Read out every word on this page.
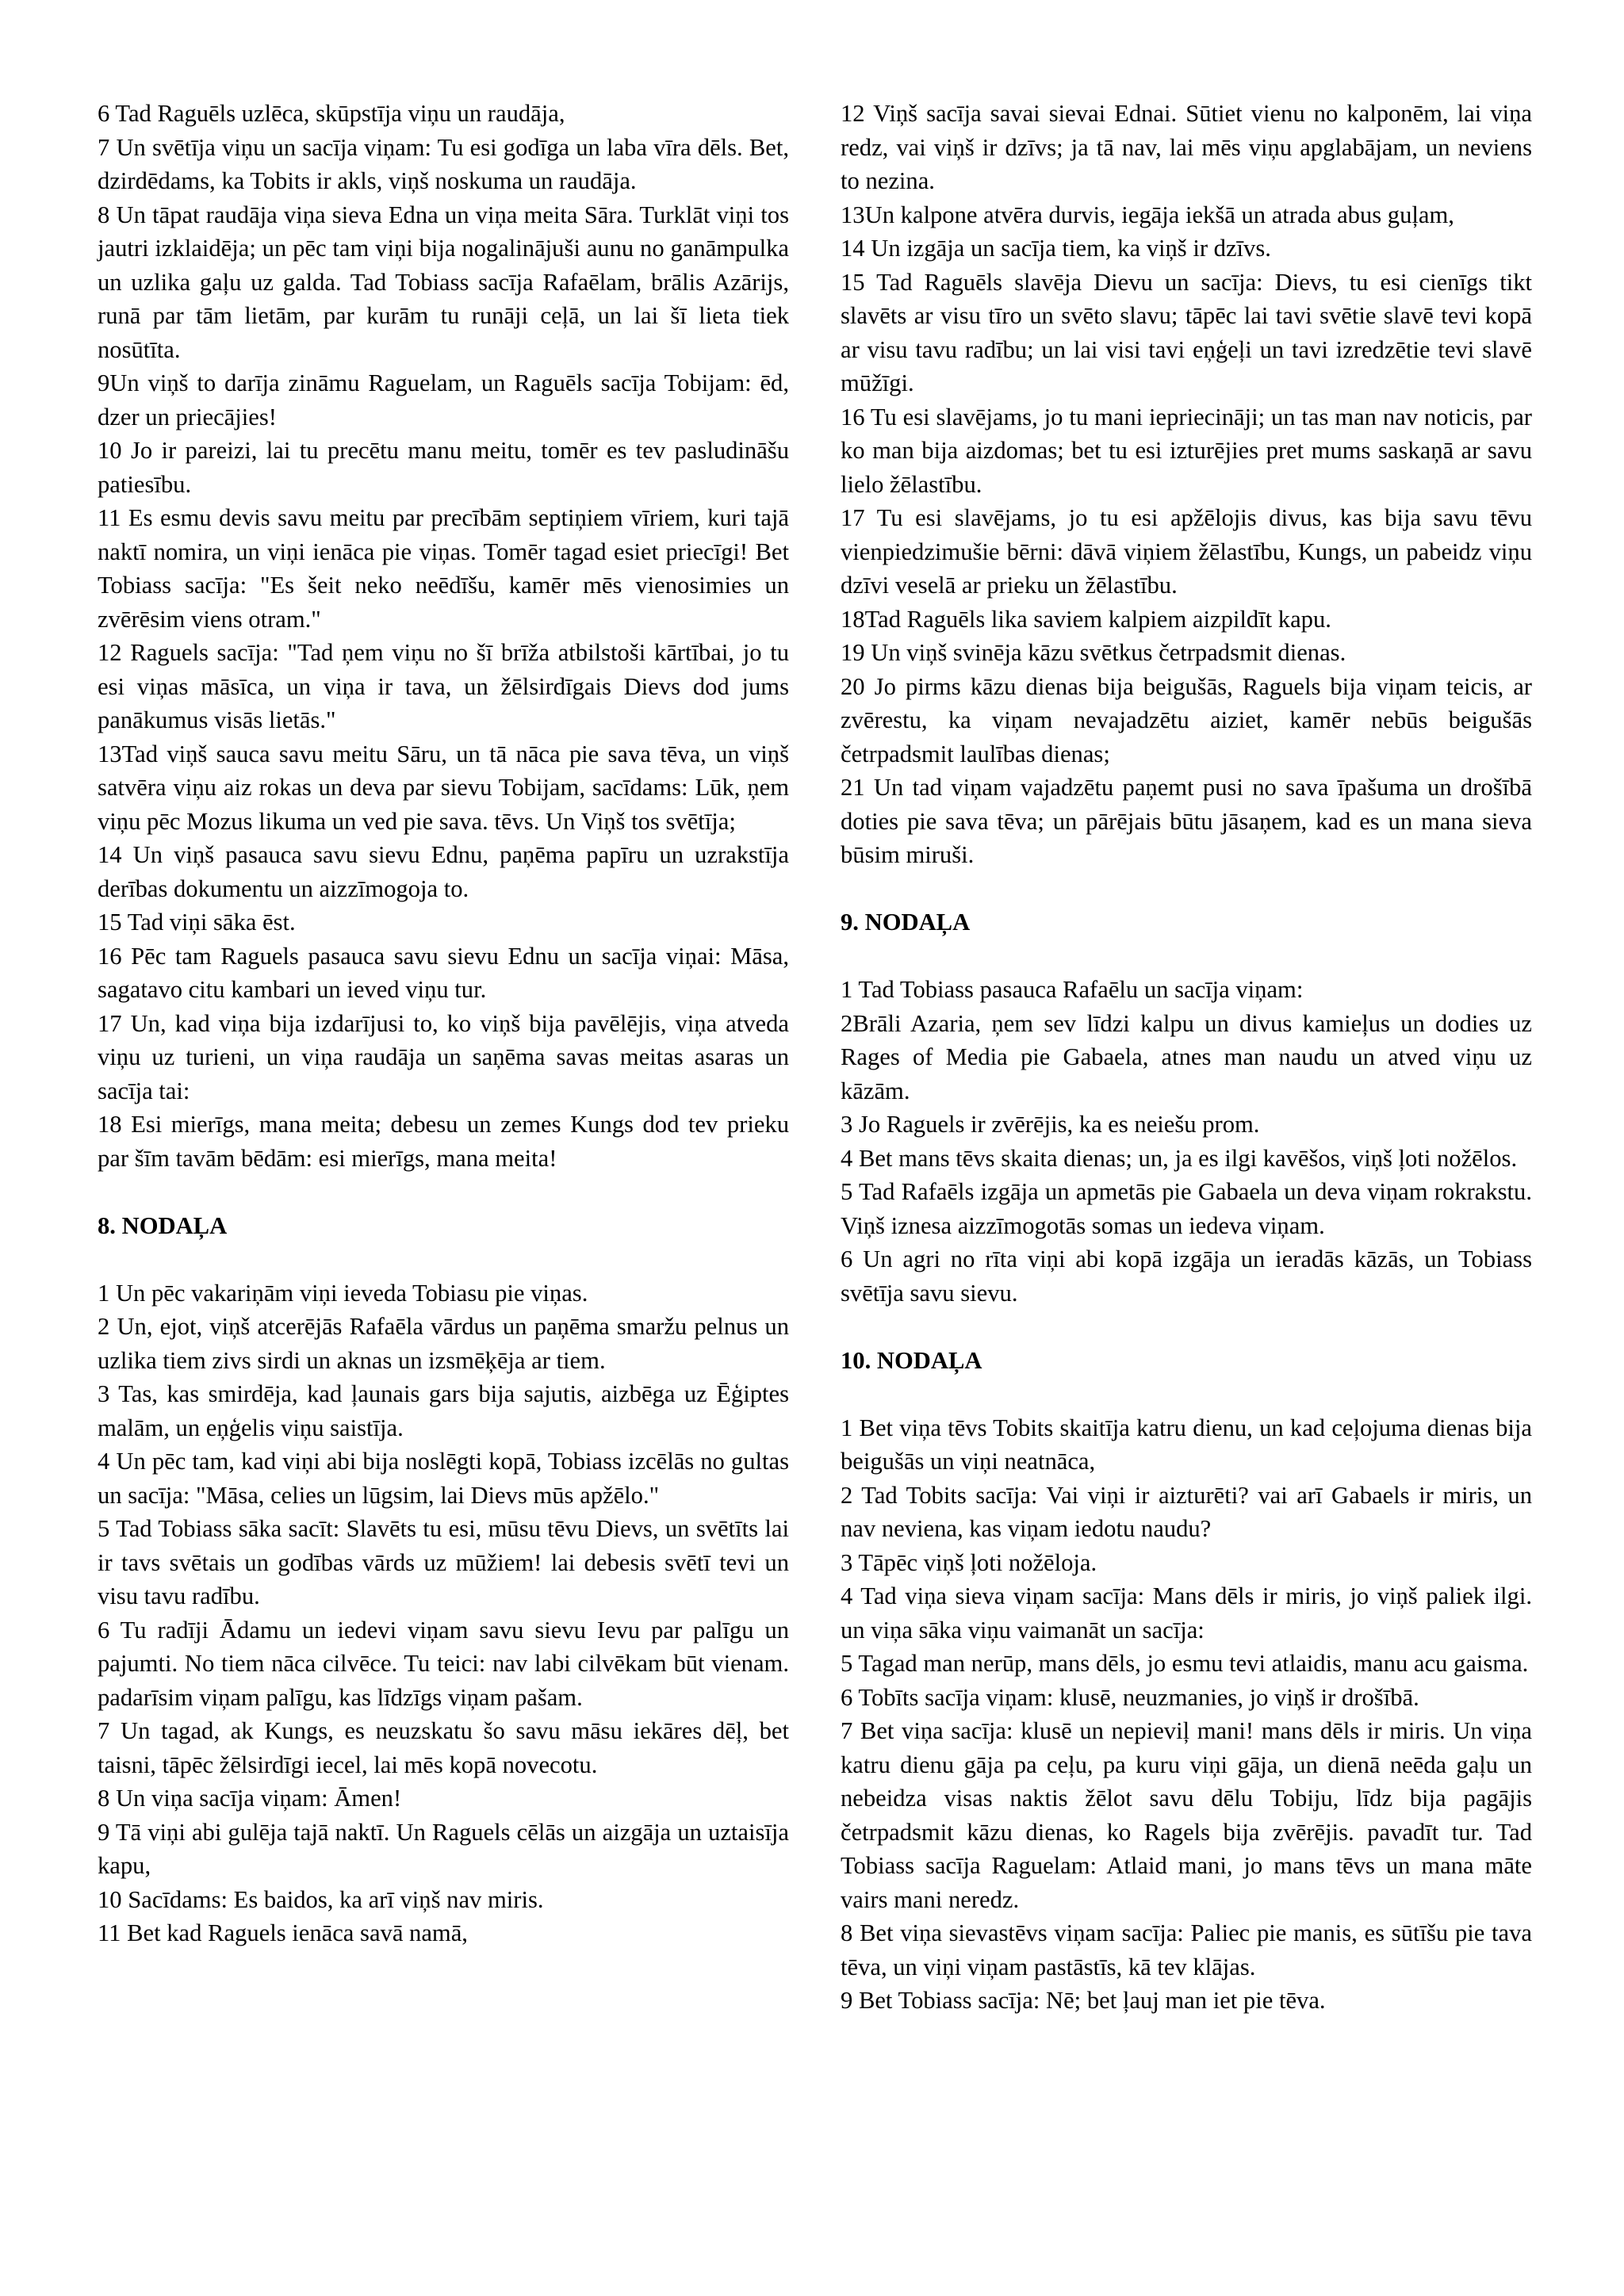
6 Tad Raguēls uzlēca, skūpstīja viņu un raudāja,

7 Un svētīja viņu un sacīja viņam: Tu esi godīga un laba vīra dēls. Bet, dzirdēdams, ka Tobits ir akls, viņš noskuma un raudāja.

8 Un tāpat raudāja viņa sieva Edna un viņa meita Sāra. Turklāt viņi tos jautri izklaidēja; un pēc tam viņi bija nogalinājuši aunu no ganāmpulka un uzlika gaļu uz galda. Tad Tobiass sacīja Rafaēlam, brālis Azārijs, runā par tām lietām, par kurām tu runāji ceļā, un lai šī lieta tiek nosūtīta.

9Un viņš to darīja zināmu Raguelam, un Raguēls sacīja Tobijam: ēd, dzer un priecājies!

10 Jo ir pareizi, lai tu precētu manu meitu, tomēr es tev pasludināšu patiesību.

11 Es esmu devis savu meitu par precībām septiņiem vīriem, kuri tajā naktī nomira, un viņi ienāca pie viņas. Tomēr tagad esiet priecīgi! Bet Tobiass sacīja: "Es šeit neko neēdīšu, kamēr mēs vienosimies un zvērēsim viens otram."

12 Raguels sacīja: "Tad ņem viņu no šī brīža atbilstoši kārtībai, jo tu esi viņas māsīca, un viņa ir tava, un žēlsirdīgais Dievs dod jums panākumus visās lietās."

13Tad viņš sauca savu meitu Sāru, un tā nāca pie sava tēva, un viņš satvēra viņu aiz rokas un deva par sievu Tobijam, sacīdams: Lūk, ņem viņu pēc Mozus likuma un ved pie sava. tēvs. Un Viņš tos svētīja;

14 Un viņš pasauca savu sievu Ednu, paņēma papīru un uzrakstīja derības dokumentu un aizzīmogoja to.

15 Tad viņi sāka ēst.

16 Pēc tam Raguels pasauca savu sievu Ednu un sacīja viņai: Māsa, sagatavo citu kambari un ieved viņu tur.

17 Un, kad viņa bija izdarījusi to, ko viņš bija pavēlējis, viņa atveda viņu uz turieni, un viņa raudāja un saņēma savas meitas asaras un sacīja tai:

18 Esi mierīgs, mana meita; debesu un zemes Kungs dod tev prieku par šīm tavām bēdām: esi mierīgs, mana meita!

8. NODAĻA

1 Un pēc vakariņām viņi ieveda Tobiasu pie viņas.

2 Un, ejot, viņš atcerējās Rafaēla vārdus un paņēma smaržu pelnus un uzlika tiem zivs sirdi un aknas un izsmēķēja ar tiem.

3 Tas, kas smirdēja, kad ļaunais gars bija sajutis, aizbēga uz Ēģiptes malām, un eņģelis viņu saistīja.

4 Un pēc tam, kad viņi abi bija noslēgti kopā, Tobiass izcēlās no gultas un sacīja: "Māsa, celies un lūgsim, lai Dievs mūs apžēlo."

5 Tad Tobiass sāka sacīt: Slavēts tu esi, mūsu tēvu Dievs, un svētīts lai ir tavs svētais un godības vārds uz mūžiem! lai debesis svētī tevi un visu tavu radību.

6 Tu radīji Ādamu un iedevi viņam savu sievu Ievu par palīgu un pajumti. No tiem nāca cilvēce. Tu teici: nav labi cilvēkam būt vienam. padarīsim viņam palīgu, kas līdzīgs viņam pašam.

7 Un tagad, ak Kungs, es neuzskatu šo savu māsu iekāres dēļ, bet taisni, tāpēc žēlsirdīgi iecel, lai mēs kopā novecotu.

8 Un viņa sacīja viņam: Āmen!

9 Tā viņi abi gulēja tajā naktī. Un Raguels cēlās un aizgāja un uztaisīja kapu,

10 Sacīdams: Es baidos, ka arī viņš nav miris.

11 Bet kad Raguels ienāca savā namā,

12 Viņš sacīja savai sievai Ednai. Sūtiet vienu no kalponēm, lai viņa redz, vai viņš ir dzīvs; ja tā nav, lai mēs viņu apglabājam, un neviens to nezina.

13Un kalpone atvēra durvis, iegāja iekšā un atrada abus guļam,

14 Un izgāja un sacīja tiem, ka viņš ir dzīvs.

15 Tad Raguēls slavēja Dievu un sacīja: Dievs, tu esi cienīgs tikt slavēts ar visu tīro un svēto slavu; tāpēc lai tavi svētie slavē tevi kopā ar visu tavu radību; un lai visi tavi eņģeļi un tavi izredzētie tevi slavē mūžīgi.

16 Tu esi slavējams, jo tu mani iepriecināji; un tas man nav noticis, par ko man bija aizdomas; bet tu esi izturējies pret mums saskaņā ar savu lielo žēlastību.

17 Tu esi slavējams, jo tu esi apžēlojis divus, kas bija savu tēvu vienpiedzimušie bērni: dāvā viņiem žēlastību, Kungs, un pabeidz viņu dzīvi veselā ar prieku un žēlastību.

18Tad Raguēls lika saviem kalpiem aizpildīt kapu.

19 Un viņš svinēja kāzu svētkus četrpadsmit dienas.

20 Jo pirms kāzu dienas bija beigušās, Raguels bija viņam teicis, ar zvērestu, ka viņam nevajadzētu aiziet, kamēr nebūs beigušās četrpadsmit laulības dienas;

21 Un tad viņam vajadzētu paņemt pusi no sava īpašuma un drošībā doties pie sava tēva; un pārējais būtu jāsaņem, kad es un mana sieva būsim miruši.

9. NODAĻA

1 Tad Tobiass pasauca Rafaēlu un sacīja viņam:

2Brāli Azaria, ņem sev līdzi kalpu un divus kamieļus un dodies uz Rages of Media pie Gabaela, atnes man naudu un atved viņu uz kāzām.

3 Jo Raguels ir zvērējis, ka es neiešu prom.

4 Bet mans tēvs skaita dienas; un, ja es ilgi kavēšos, viņš ļoti nožēlos.

5 Tad Rafaēls izgāja un apmetās pie Gabaela un deva viņam rokrakstu. Viņš iznesa aizzīmogotās somas un iedeva viņam.

6 Un agri no rīta viņi abi kopā izgāja un ieradās kāzās, un Tobiass svētīja savu sievu.

10. NODAĻA

1 Bet viņa tēvs Tobits skaitīja katru dienu, un kad ceļojuma dienas bija beigušās un viņi neatnāca,

2 Tad Tobits sacīja: Vai viņi ir aizturēti? vai arī Gabaels ir miris, un nav neviena, kas viņam iedotu naudu?

3 Tāpēc viņš ļoti nožēloja.

4 Tad viņa sieva viņam sacīja: Mans dēls ir miris, jo viņš paliek ilgi. un viņa sāka viņu vaimanāt un sacīja:

5 Tagad man nerūp, mans dēls, jo esmu tevi atlaidis, manu acu gaisma.

6 Tobīts sacīja viņam: klusē, neuzmanies, jo viņš ir drošībā.

7 Bet viņa sacīja: klusē un nepieviļ mani! mans dēls ir miris. Un viņa katru dienu gāja pa ceļu, pa kuru viņi gāja, un dienā neēda gaļu un nebeidza visas naktis žēlot savu dēlu Tobiju, līdz bija pagājis četrpadsmit kāzu dienas, ko Ragels bija zvērējis. pavadīt tur. Tad Tobiass sacīja Raguelam: Atlaid mani, jo mans tēvs un mana māte vairs mani neredz.

8 Bet viņa sievastēvs viņam sacīja: Paliec pie manis, es sūtīšu pie tava tēva, un viņi viņam pastāstīs, kā tev klājas.

9 Bet Tobiass sacīja: Nē; bet ļauj man iet pie tēva.
